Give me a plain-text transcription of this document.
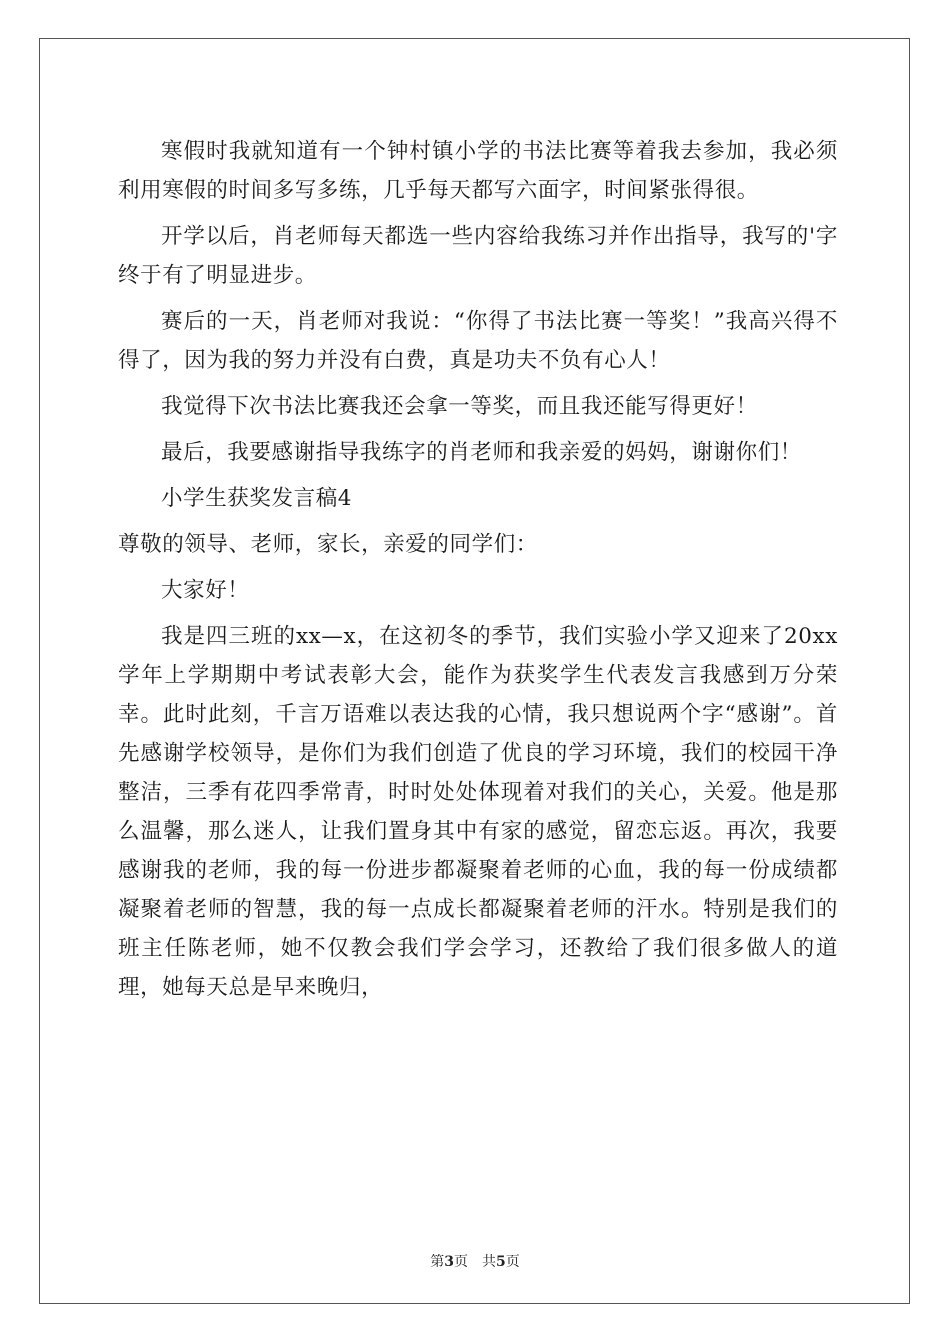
寒假时我就知道有一个钟村镇小学的书法比赛等着我去参加，我必须利用寒假的时间多写多练，几乎每天都写六面字，时间紧张得很。

开学以后，肖老师每天都选一些内容给我练习并作出指导，我写的'字终于有了明显进步。

赛后的一天，肖老师对我说：“你得了书法比赛一等奖！”我高兴得不得了，因为我的努力并没有白费，真是功夫不负有心人！

我觉得下次书法比赛我还会拿一等奖，而且我还能写得更好！

最后，我要感谢指导我练字的肖老师和我亲爱的妈妈，谢谢你们！

小学生获奖发言稿4

尊敬的领导、老师，家长，亲爱的同学们：

大家好！

我是四三班的xx—x，在这初冬的季节，我们实验小学又迎来了20xx学年上学期期中考试表彰大会，能作为获奖学生代表发言我感到万分荣幸。此时此刻，千言万语难以表达我的心情，我只想说两个字“感谢”。首先感谢学校领导，是你们为我们创造了优良的学习环境，我们的校园干净整洁，三季有花四季常青，时时处处体现着对我们的关心，关爱。他是那么温馨，那么迷人，让我们置身其中有家的感觉，留恋忘返。再次，我要感谢我的老师，我的每一份进步都凝聚着老师的心血，我的每一份成绩都凝聚着老师的智慧，我的每一点成长都凝聚着老师的汗水。特别是我们的班主任陈老师，她不仅教会我们学会学习，还教给了我们很多做人的道理，她每天总是早来晚归，

第3页　共5页
